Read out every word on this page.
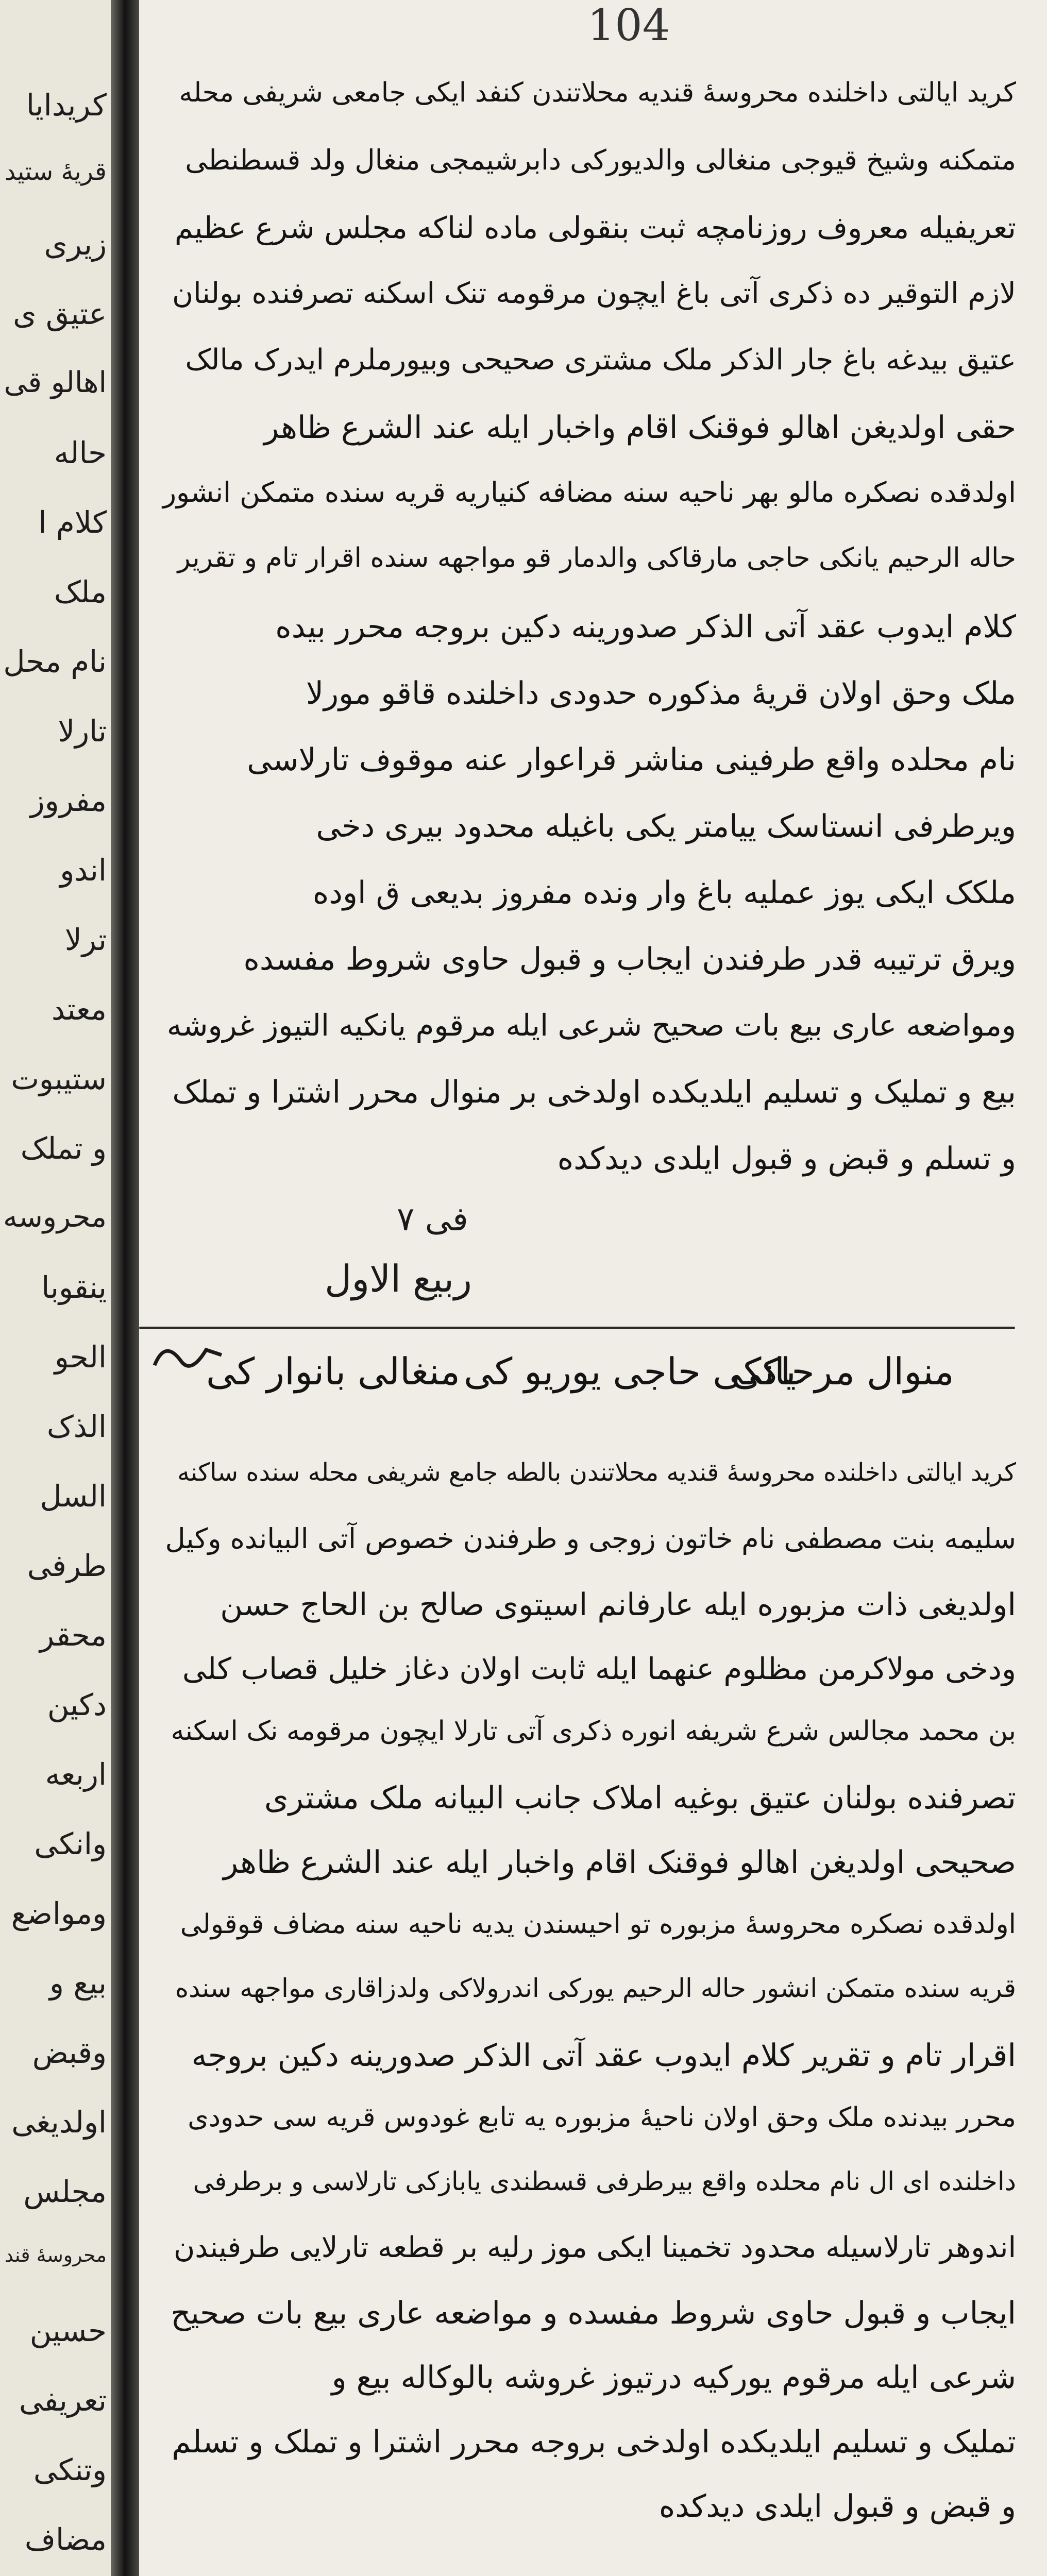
کریدایا
قریۀ ستید
زیری
عتیق ی
اهالو قی
حاله
کلام ا
ملک
نام محل
تارلا
مفروز
اندو
ترلا
معتد
ستیبوت
و تملک
محروسه
ینقوبا
الحو
الذک
السل
طرفی
محقر
دکین
اربعه
وانکی
ومواضع
بیع و
وقبض
اولدیغی
مجلس
محروسۀ قند
حسین
تعریفی
وتنکی
مضاف
104
کرید ایالتی داخلنده محروسۀ قندیه محلاتندن کنفد ایکی جامعی شریفی محله
متمکنه وشیخ قیوجی منغالی والدیورکی دابرشیمجی منغال ولد قسطنطی
تعریفیله معروف روزنامچه ثبت بنقولی ماده لناکه مجلس شرع عظیم
لازم التوقیر ده ذکری آتی باغ ایچون مرقومه تنک اسکنه تصرفنده بولنان
عتیق بیدغه باغ جار الذکر ملک مشتری صحیحی وبیورملرم ایدرک مالک
حقی اولدیغن اهالو فوقنک اقام واخبار ایله عند الشرع ظاهر
اولدقده نصکره مالو بهر ناحیه سنه مضافه کنیاریه قریه سنده متمکن انشور
حاله الرحیم یانکی حاجی مارقاکی والدمار قو مواجهه سنده اقرار تام و تقریر
کلام ایدوب عقد آتی الذکر صدورینه دکین بروجه محرر بیده
ملک وحق اولان قریۀ مذکوره حدودی داخلنده قاقو مورلا
نام محلده واقع طرفینی مناشر قراعوار عنه موقوف تارلاسی
ویرطرفی انستاسک ییامتر یکی باغیله محدود بیری دخی
ملکک ایکی یوز عملیه باغ وار ونده مفروز بدیعی ق اوده
ویرق ترتیبه قدر طرفندن ایجاب و قبول حاوی شروط مفسده
ومواضعه عاری بیع بات صحیح شرعی ایله مرقوم یانکیه التیوز غروشه
بیع و تملیک و تسلیم ایلدیکده اولدخی بر منوال محرر اشترا و تملک
و تسلم و قبض و قبول ایلدی دیدکده
فی ۷
ربیع الاول
منغالی بانوار کی یانکی حاجی یوریو کی
منوال مرحاکی
کرید ایالتی داخلنده محروسۀ قندیه محلاتندن بالطه جامع شریفی محله سنده ساکنه
سلیمه بنت مصطفی نام خاتون زوجی و طرفندن خصوص آتی البیانده وکیل
اولدیغی ذات مزبوره ایله عارفانم اسیتوی صالح بن الحاج حسن
ودخی مولاکرمن مظلوم عنهما ایله ثابت اولان دغاز خلیل قصاب کلی
بن محمد مجالس شرع شریفه انوره ذکری آتی تارلا ایچون مرقومه نک اسکنه
تصرفنده بولنان عتیق بوغیه املاک جانب البیانه ملک مشتری
صحیحی اولدیغن اهالو فوقنک اقام واخبار ایله عند الشرع ظاهر
اولدقده نصکره محروسۀ مزبوره تو احیسندن یدیه ناحیه سنه مضاف قوقولی
قریه سنده متمکن انشور حاله الرحیم یورکی اندرولاکی ولدزاقاری مواجهه سنده
اقرار تام و تقریر کلام ایدوب عقد آتی الذکر صدورینه دکین بروجه
محرر بیدنده ملک وحق اولان ناحیۀ مزبوره یه تابع غودوس قریه سی حدودی
داخلنده ای ال نام محلده واقع بیرطرفی قسطندی یابازکی تارلاسی و برطرفی
اندوهر تارلاسیله محدود تخمینا ایکی موز رلیه بر قطعه تارلایی طرفیندن
ایجاب و قبول حاوی شروط مفسده و مواضعه عاری بیع بات صحیح
شرعی ایله مرقوم یورکیه درتیوز غروشه بالوکاله بیع و
تملیک و تسلیم ایلدیکده اولدخی بروجه محرر اشترا و تملک و تسلم
و قبض و قبول ایلدی دیدکده
